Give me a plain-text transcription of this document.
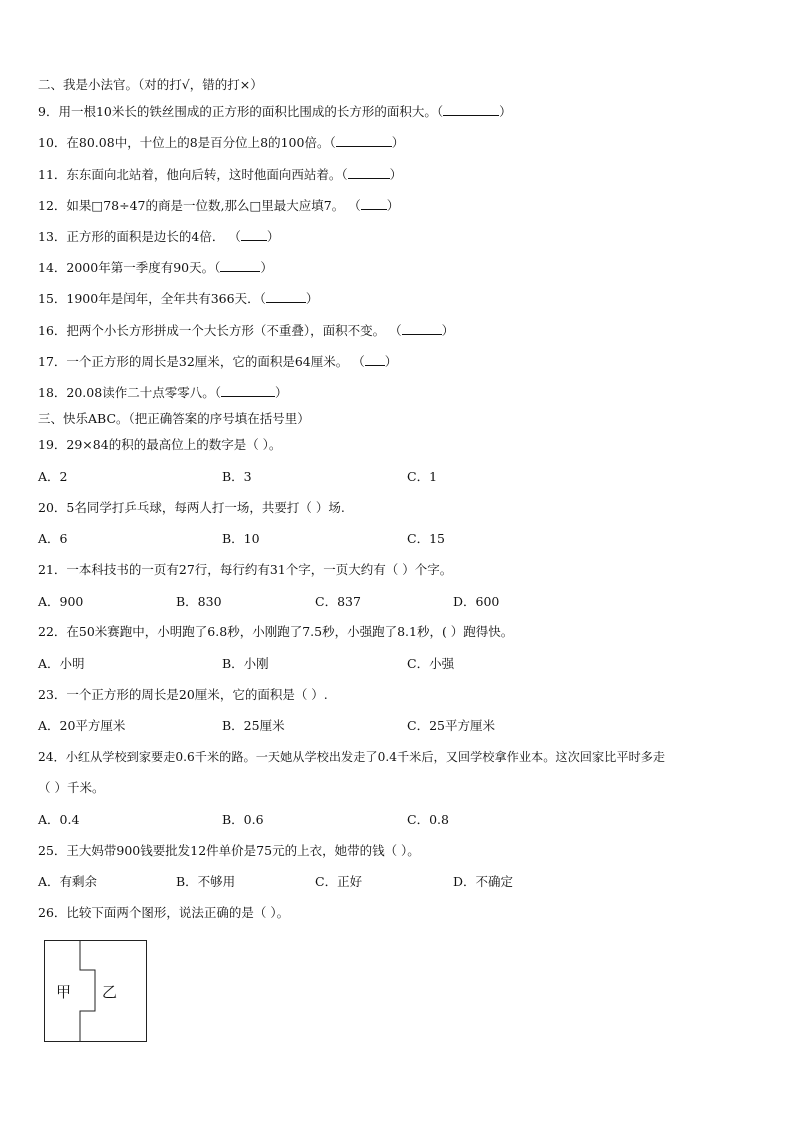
二、我是小法官。（对的打√，错的打×）
9．用一根10米长的铁丝围成的正方形的面积比围成的长方形的面积大。（	）
10．在80.08中，十位上的8是百分位上8的100倍。（	）
11．东东面向北站着，他向后转，这时他面向西站着。（	）
12．如果□78÷47的商是一位数,那么□里最大应填7。 （ ）
13．正方形的面积是边长的4倍． （ ）
14．2000年第一季度有90天。（	）
15．1900年是闰年，全年共有366天．（	）
16．把两个小长方形拼成一个大长方形（不重叠），面积不变。 （	）
17．一个正方形的周长是32厘米，它的面积是64厘米。 （ ）
18．20.08读作二十点零零八。（	）
三、快乐ABC。（把正确答案的序号填在括号里）
19．29×84的积的最高位上的数字是（ ）。
A．2	B．3	C．1
20．5名同学打乒乓球，每两人打一场，共要打（ ）场.
A．6	B．10	C．15
21．一本科技书的一页有27行，每行约有31个字，一页大约有（ ）个字。
A．900	B．830	C．837	D．600
22．在50米赛跑中，小明跑了6.8秒，小刚跑了7.5秒，小强跑了8.1秒，( ）跑得快。
A．小明	B．小刚	C．小强
23．一个正方形的周长是20厘米，它的面积是（ ）.
A．20平方厘米	B．25厘米	C．25平方厘米
24．小红从学校到家要走0.6千米的路。一天她从学校出发走了0.4千米后，又回学校拿作业本。这次回家比平时多走
（ ）千米。
A．0.4	B．0.6	C．0.8
25．王大妈带900钱要批发12件单价是75元的上衣，她带的钱（ ）。
A．有剩余	B．不够用	C．正好	D．不确定
26．比较下面两个图形，说法正确的是（ ）。
甲 乙
